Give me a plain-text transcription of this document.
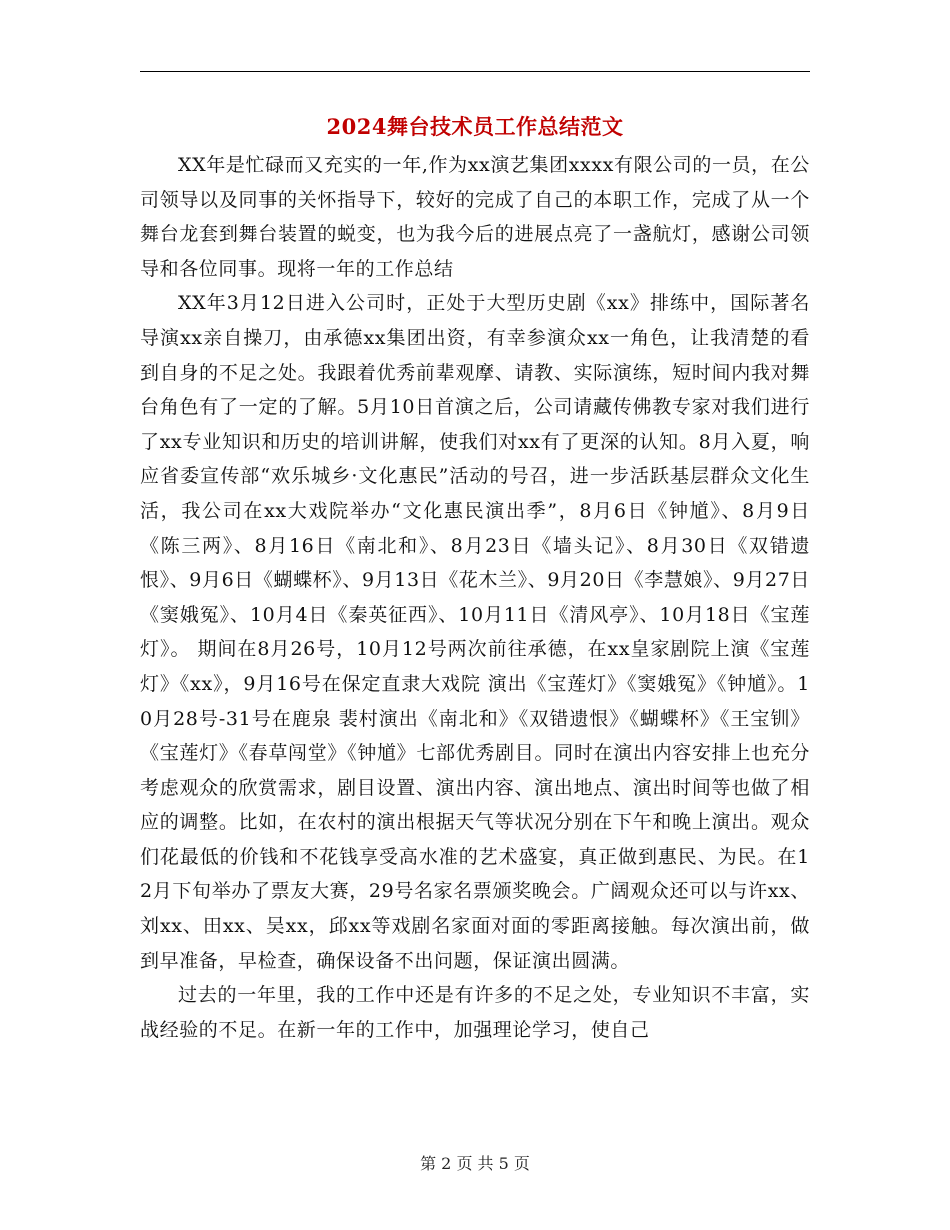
2024舞台技术员工作总结范文

XX年是忙碌而又充实的一年,作为xx演艺集团xxxx有限公司的一员，在公司领导以及同事的关怀指导下，较好的完成了自己的本职工作，完成了从一个舞台龙套到舞台装置的蜕变，也为我今后的进展点亮了一盏航灯，感谢公司领导和各位同事。现将一年的工作总结

XX年3月12日进入公司时，正处于大型历史剧《xx》排练中，国际著名导演xx亲自操刀，由承德xx集团出资，有幸参演众xx一角色，让我清楚的看到自身的不足之处。我跟着优秀前辈观摩、请教、实际演练，短时间内我对舞台角色有了一定的了解。5月10日首演之后，公司请藏传佛教专家对我们进行了xx专业知识和历史的培训讲解，使我们对xx有了更深的认知。8月入夏，响应省委宣传部“欢乐城乡·文化惠民”活动的号召，进一步活跃基层群众文化生活，我公司在xx大戏院举办“文化惠民演出季”，8月6日《钟馗》、8月9日《陈三两》、8月16日《南北和》、8月23日《墙头记》、8月30日《双错遗恨》、9月6日《蝴蝶杯》、9月13日《花木兰》、9月20日《李慧娘》、9月27日《窦娥冤》、10月4日《秦英征西》、10月11日《清风亭》、10月18日《宝莲灯》。 期间在8月26号，10月12号两次前往承德，在xx皇家剧院上演《宝莲灯》《xx》，9月16号在保定直隶大戏院 演出《宝莲灯》《窦娥冤》《钟馗》。10月28号-31号在鹿泉 裴村演出《南北和》《双错遗恨》《蝴蝶杯》《王宝钏》《宝莲灯》《春草闯堂》《钟馗》七部优秀剧目。同时在演出内容安排上也充分考虑观众的欣赏需求，剧目设置、演出内容、演出地点、演出时间等也做了相应的调整。比如，在农村的演出根据天气等状况分别在下午和晚上演出。观众们花最低的价钱和不花钱享受高水准的艺术盛宴，真正做到惠民、为民。在12月下旬举办了票友大赛，29号名家名票颁奖晚会。广阔观众还可以与许xx、刘xx、田xx、吴xx，邱xx等戏剧名家面对面的零距离接触。每次演出前，做到早准备，早检查，确保设备不出问题，保证演出圆满。

过去的一年里，我的工作中还是有许多的不足之处，专业知识不丰富，实战经验的不足。在新一年的工作中，加强理论学习，使自己

第 2 页 共 5 页
